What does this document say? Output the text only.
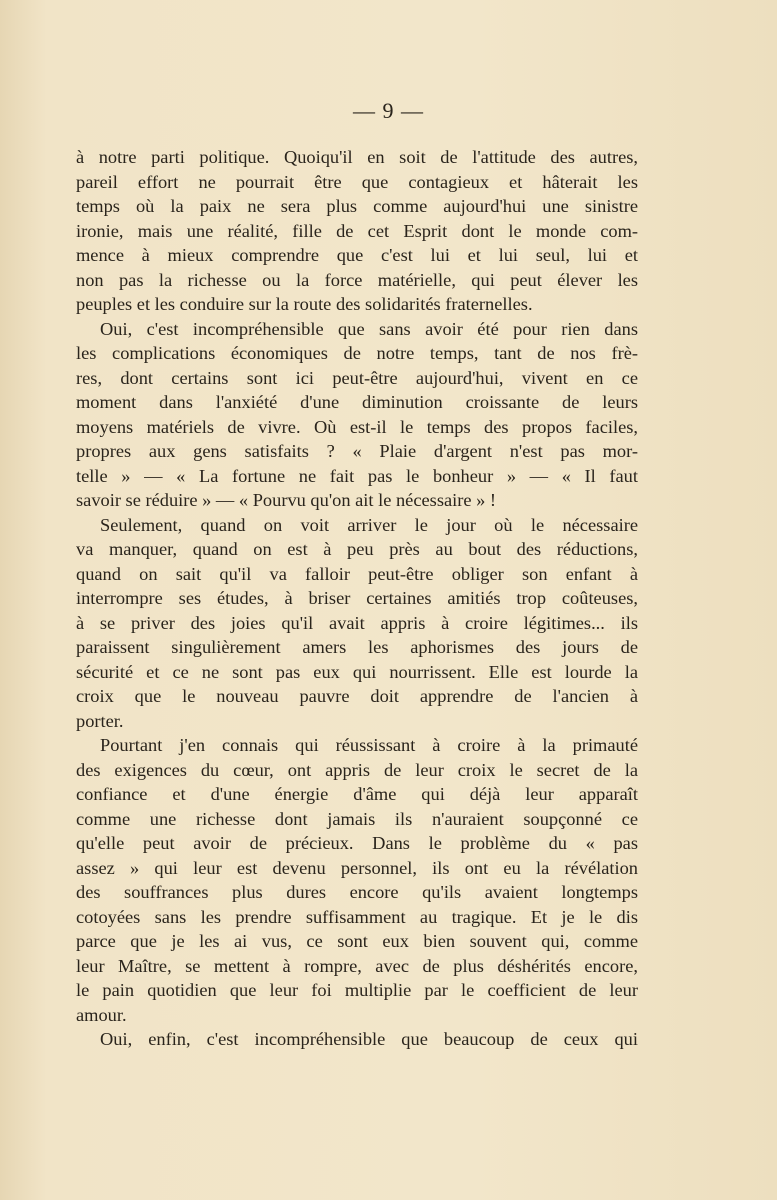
— 9 —
à notre parti politique. Quoiqu'il en soit de l'attitude des autres,
pareil effort ne pourrait être que contagieux et hâterait les
temps où la paix ne sera plus comme aujourd'hui une sinistre
ironie, mais une réalité, fille de cet Esprit dont le monde com-
mence à mieux comprendre que c'est lui et lui seul, lui et
non pas la richesse ou la force matérielle, qui peut élever les
peuples et les conduire sur la route des solidarités fraternelles.
Oui, c'est incompréhensible que sans avoir été pour rien dans
les complications économiques de notre temps, tant de nos frè-
res, dont certains sont ici peut-être aujourd'hui, vivent en ce
moment dans l'anxiété d'une diminution croissante de leurs
moyens matériels de vivre. Où est-il le temps des propos faciles,
propres aux gens satisfaits ? « Plaie d'argent n'est pas mor-
telle » — « La fortune ne fait pas le bonheur » — « Il faut
savoir se réduire » — « Pourvu qu'on ait le nécessaire » !
Seulement, quand on voit arriver le jour où le nécessaire
va manquer, quand on est à peu près au bout des réductions,
quand on sait qu'il va falloir peut-être obliger son enfant à
interrompre ses études, à briser certaines amitiés trop coûteuses,
à se priver des joies qu'il avait appris à croire légitimes... ils
paraissent singulièrement amers les aphorismes des jours de
sécurité et ce ne sont pas eux qui nourrissent. Elle est lourde la
croix que le nouveau pauvre doit apprendre de l'ancien à
porter.
Pourtant j'en connais qui réussissant à croire à la primauté
des exigences du cœur, ont appris de leur croix le secret de la
confiance et d'une énergie d'âme qui déjà leur apparaît
comme une richesse dont jamais ils n'auraient soupçonné ce
qu'elle peut avoir de précieux. Dans le problème du « pas
assez » qui leur est devenu personnel, ils ont eu la révélation
des souffrances plus dures encore qu'ils avaient longtemps
cotoyées sans les prendre suffisamment au tragique. Et je le dis
parce que je les ai vus, ce sont eux bien souvent qui, comme
leur Maître, se mettent à rompre, avec de plus déshérités encore,
le pain quotidien que leur foi multiplie par le coefficient de leur
amour.
Oui, enfin, c'est incompréhensible que beaucoup de ceux qui
